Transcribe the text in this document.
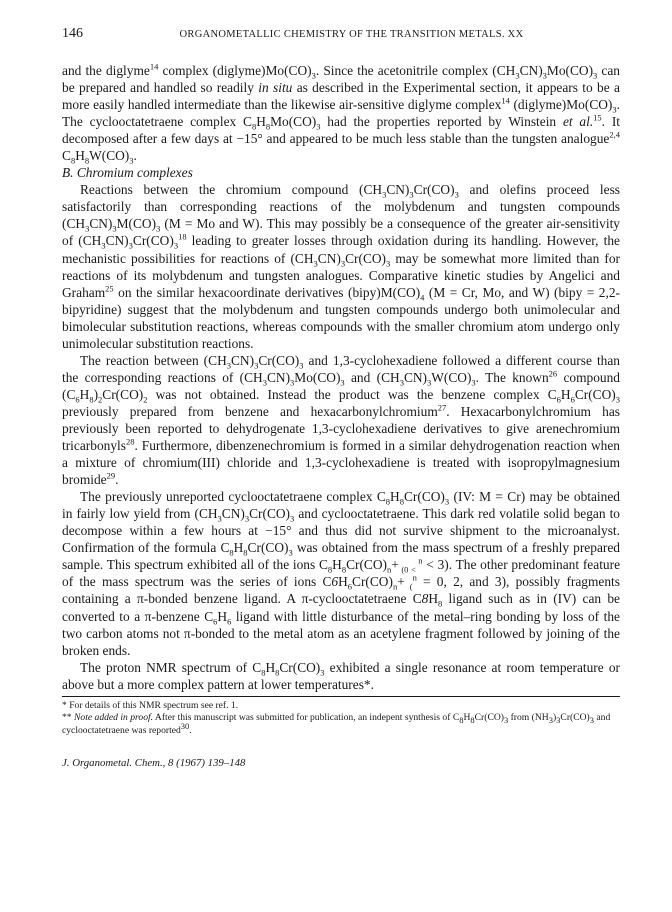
146	ORGANOMETALLIC CHEMISTRY OF THE TRANSITION METALS. XX

and the diglyme$^{14}$ complex $(diglyme)Mo(CO)_3$. Since the acetonitrile complex $(CH_3CN)_3Mo(CO)_3$ can be prepared and handled so readily in situ as described in the Experimental section, it appears to be a more easily handled intermediate than the likewise air-sensitive diglyme complex$^{14}$ $(diglyme)Mo(CO)_3$. The cyclooctatetraene complex $C_8H_8Mo(CO)_3$ had the properties reported by Winstein et al.$^{15}$. It decomposed after a few days at −15° and appeared to be much less stable than the tungsten analogue$^{2,4}$ $C_8H_8W(CO)_3$.

B. Chromium complexes

Reactions between the chromium compound $(CH_3CN)_3Cr(CO)_3$ and olefins proceed less satisfactorily than corresponding reactions of the molybdenum and tungsten compounds $(CH_3CN)_3M(CO)_3$ (M = Mo and W). This may possibly be a consequence of the greater air-sensitivity of $(CH_3CN)_3Cr(CO)_3^{18}$ leading to greater losses through oxidation during its handling. However, the mechanistic possibilities for reactions of $(CH_3CN)_3Cr(CO)_3$ may be somewhat more limited than for reactions of its molybdenum and tungsten analogues. Comparative kinetic studies by Angelici and Graham$^{25}$ on the similar hexacoordinate derivatives $(bipy)M(CO)_4$ (M = Cr, Mo, and W) (bipy = 2,2-bipyridine) suggest that the molybdenum and tungsten compounds undergo both unimolecular and bimolecular substitution reactions, whereas compounds with the smaller chromium atom undergo only unimolecular substitution reactions.

The reaction between $(CH_3CN)_3Cr(CO)_3$ and 1,3-cyclohexadiene followed a different course than the corresponding reactions of $(CH_3CN)_3Mo(CO)_3$ and $(CH_3CN)_3W(CO)_3$. The known$^{26}$ compound $(C_6H_8)_2Cr(CO)_2$ was not obtained. Instead the product was the benzene complex $C_6H_6Cr(CO)_3$ previously prepared from benzene and hexacarbonylchromium$^{27}$. Hexacarbonylchromium has previously been reported to dehydrogenate 1,3-cyclohexadiene derivatives to give arenechromium tricarbonyls$^{28}$. Furthermore, dibenzenechromium is formed in a similar dehydrogenation reaction when a mixture of chromium(III) chloride and 1,3-cyclohexadiene is treated with isopropylmagnesium bromide$^{29}$.

The previously unreported cyclooctatetraene complex $C_8H_8Cr(CO)_3$ (IV: M = Cr) may be obtained in fairly low yield from $(CH_3CN)_3Cr(CO)_3$ and cyclooctatetraene. This dark red volatile solid began to decompose within a few hours at −15° and thus did not survive shipment to the microanalyst. Confirmation of the formula $C_8H_8Cr(CO)_3$ was obtained from the mass spectrum of a freshly prepared sample. This spectrum exhibited all of the ions $C_8H_8Cr(CO)_n+ _{(0 <}$ $^n$ < 3). The other predominant feature of the mass spectrum was the series of ions $C6H_6Cr(CO)_n+ _(^n = 0$, 2, and 3), possibly fragments containing a π-bonded benzene ligand. A π-cyclooctatetraene $C8H_8$ ligand such as in (IV) can be converted to a π-benzene $C_6H_6$ ligand with little disturbance of the metal–ring bonding by loss of the two carbon atoms not π-bonded to the metal atom as an acetylene fragment followed by joining of the broken ends.

The proton NMR spectrum of $C_8H_8Cr(CO)_3$ exhibited a single resonance at room temperature or above but a more complex pattern at lower temperatures*.

* For details of this NMR spectrum see ref. 1.
** Note added in proof. After this manuscript was submitted for publication, an indepent synthesis of $C_8H_8Cr(CO)_3$ from $(NH_3)_3Cr(CO)_3$ and cyclooctatetraene was reported$^{30}$.
J. Organometal. Chem., 8 (1967) 139–148
